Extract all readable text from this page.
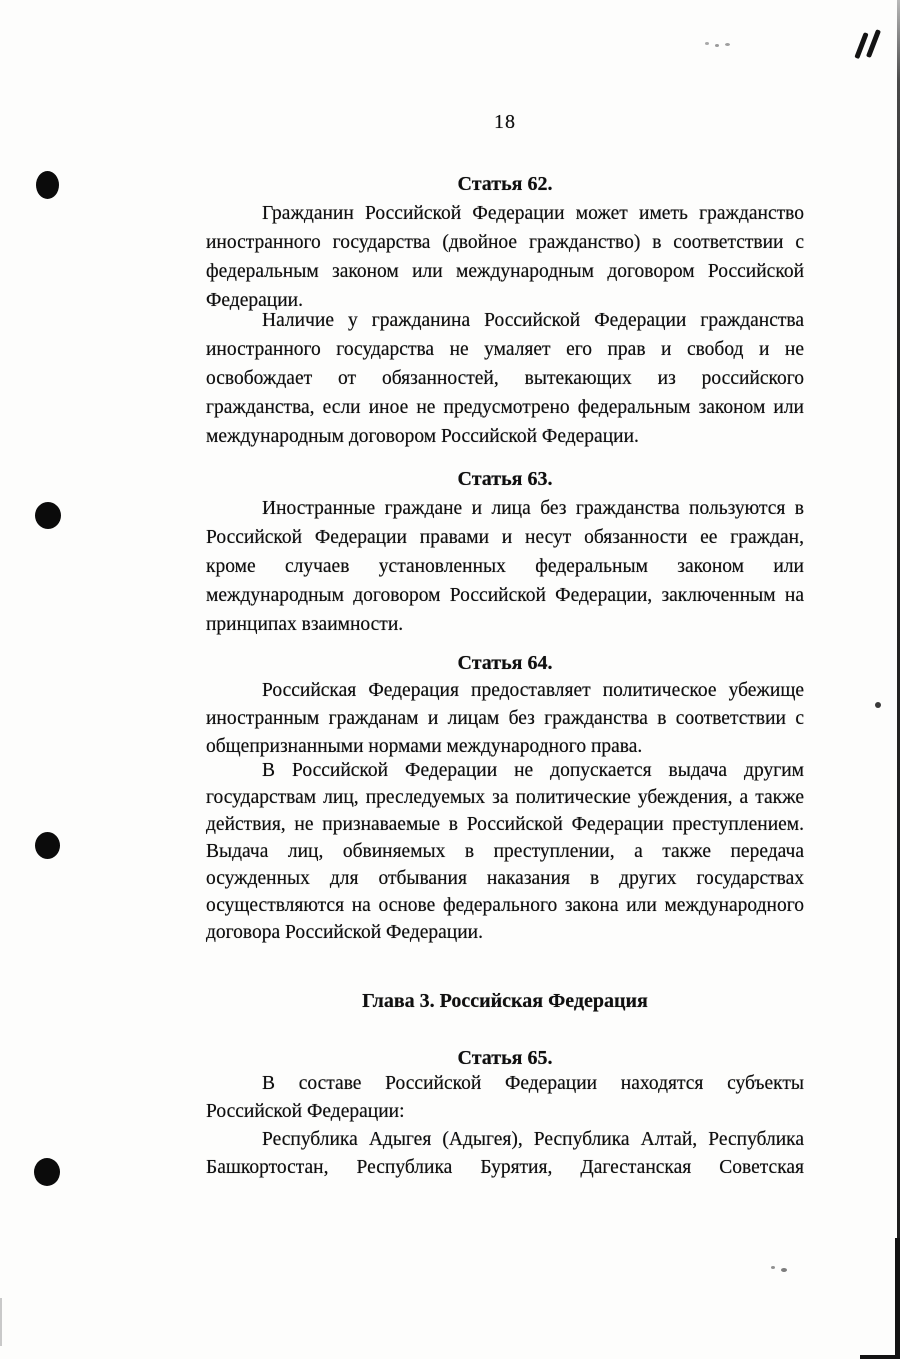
18
Статья 62.
Гражданин Российской Федерации может иметь гражданство
иностранного государства (двойное гражданство) в соответствии с
федеральным законом или международным договором Российской
Федерации.
Наличие у гражданина Российской Федерации гражданства
иностранного государства не умаляет его прав и свобод и не
освобождает от обязанностей, вытекающих из российского
гражданства, если иное не предусмотрено федеральным законом или
международным договором Российской Федерации.
Статья 63.
Иностранные граждане и лица без гражданства пользуются в
Российской Федерации правами и несут обязанности ее граждан,
кроме случаев установленных федеральным законом или
международным договором Российской Федерации, заключенным на
принципах взаимности.
Статья 64.
Российская Федерация предоставляет политическое убежище
иностранным гражданам и лицам без гражданства в соответствии с
общепризнанными нормами международного права.
В Российской Федерации не допускается выдача другим
государствам лиц, преследуемых за политические убеждения, а также
действия, не признаваемые в Российской Федерации преступлением.
Выдача лиц, обвиняемых в преступлении, а также передача
осужденных для отбывания наказания в других государствах
осуществляются на основе федерального закона или международного
договора Российской Федерации.
Глава 3. Российская Федерация
Статья 65.
В составе Российской Федерации находятся субъекты
Российской Федерации:
Республика Адыгея (Адыгея), Республика Алтай, Республика
Башкортостан, Республика Бурятия, Дагестанская Советская
